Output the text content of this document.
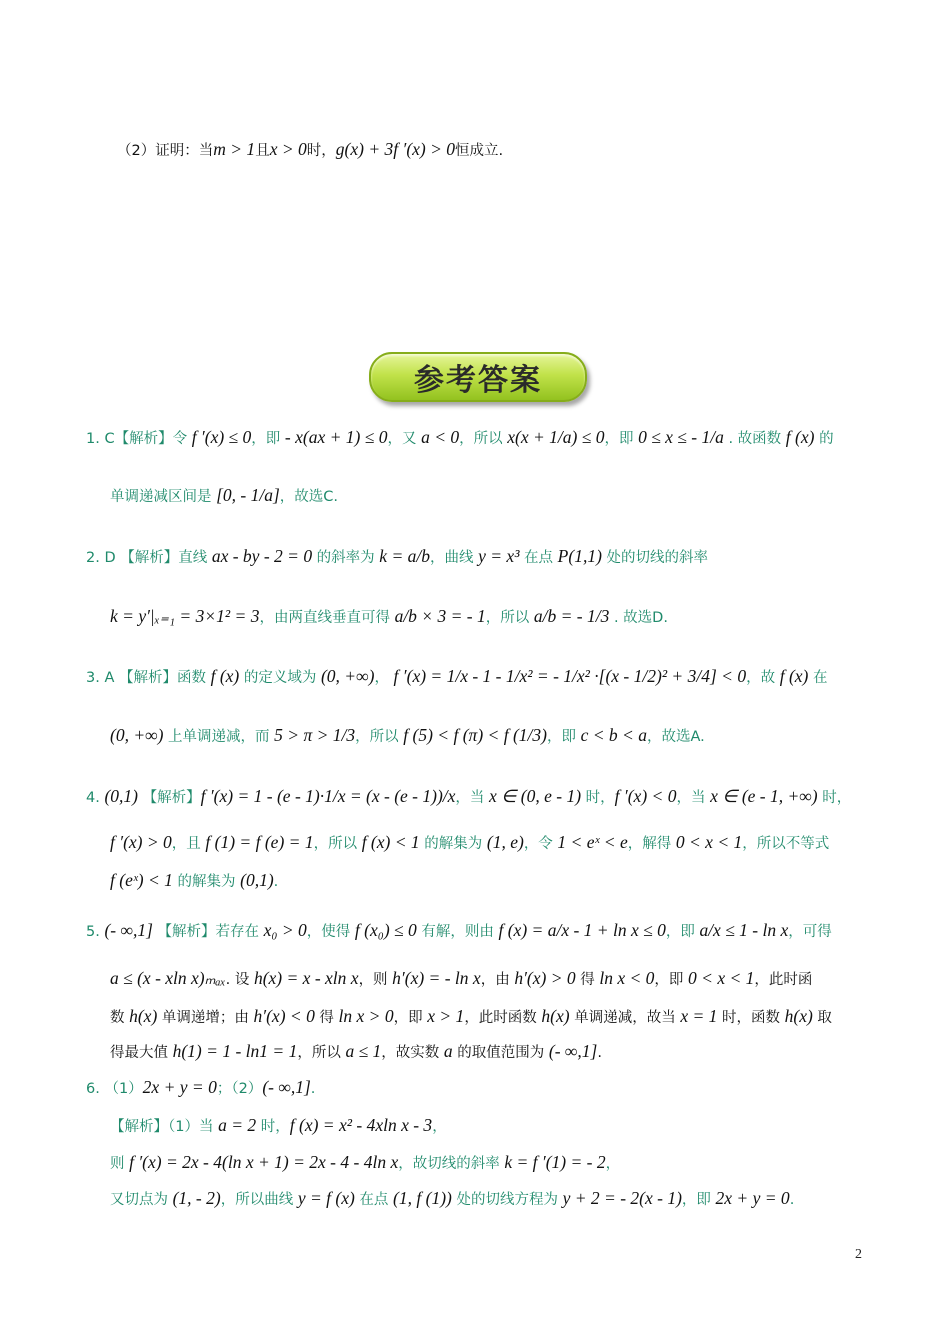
（2）证明：当m > 1且x > 0时，g(x) + 3f ′(x) > 0恒成立.
参考答案
1. C【解析】令 f ′(x) ≤ 0，即 - x(ax + 1) ≤ 0，又 a < 0，所以 x(x + 1/a) ≤ 0，即 0 ≤ x ≤ - 1/a . 故函数 f (x) 的
单调递减区间是 [0, - 1/a]，故选C.
2. D 【解析】直线 ax - by - 2 = 0 的斜率为 k = a/b，曲线 y = x³ 在点 P(1,1) 处的切线的斜率
k = y′|ₓ₌₁ = 3×1² = 3，由两直线垂直可得 a/b × 3 = - 1，所以 a/b = - 1/3 . 故选D.
3. A 【解析】函数 f (x) 的定义域为 (0, +∞)， f ′(x) = 1/x - 1 - 1/x² = - 1/x² ·[(x - 1/2)² + 3/4] < 0，故 f (x) 在
(0, +∞) 上单调递减，而 5 > π > 1/3，所以 f (5) < f (π) < f (1/3)，即 c < b < a，故选A.
4. (0,1) 【解析】f ′(x) = 1 - (e - 1)·1/x = (x - (e - 1))/x，当 x ∈ (0, e - 1) 时，f ′(x) < 0，当 x ∈ (e - 1, +∞) 时，
f ′(x) > 0，且 f (1) = f (e) = 1，所以 f (x) < 1 的解集为 (1, e)，令 1 < eˣ < e，解得 0 < x < 1，所以不等式
f (eˣ) < 1 的解集为 (0,1).
5. (- ∞,1] 【解析】若存在 x₀ > 0，使得 f (x₀) ≤ 0 有解，则由 f (x) = a/x - 1 + ln x ≤ 0，即 a/x ≤ 1 - ln x，可得
a ≤ (x - xln x)ₘₐₓ. 设 h(x) = x - xln x，则 h′(x) = - ln x，由 h′(x) > 0 得 ln x < 0，即 0 < x < 1，此时函
数 h(x) 单调递增；由 h′(x) < 0 得 ln x > 0，即 x > 1，此时函数 h(x) 单调递减，故当 x = 1 时，函数 h(x) 取
得最大值 h(1) = 1 - ln1 = 1，所以 a ≤ 1，故实数 a 的取值范围为 (- ∞,1].
6. （1）2x + y = 0；（2）(- ∞,1].
【解析】（1）当 a = 2 时，f (x) = x² - 4xln x - 3，
则 f ′(x) = 2x - 4(ln x + 1) = 2x - 4 - 4ln x，故切线的斜率 k = f ′(1) = - 2，
又切点为 (1, - 2)，所以曲线 y = f (x) 在点 (1, f (1)) 处的切线方程为 y + 2 = - 2(x - 1)，即 2x + y = 0.
2
